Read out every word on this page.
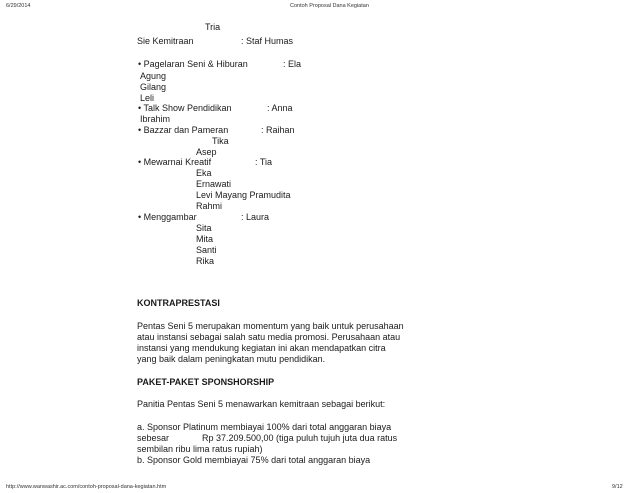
6/29/2014	Contoh Proposal Dana Kegiatan
Tria
Sie Kemitraan	: Staf Humas
• Pagelaran Seni & Hiburan	: Ela
Agung
Gilang
Leli
• Talk Show Pendidikan	: Anna
Ibrahim
• Bazzar dan Pameran	: Raihan
Tika
Asep
• Mewarnai Kreatif	: Tia
Eka
Ernawati
Levi Mayang Pramudita
Rahmi
• Menggambar	: Laura
Sita
Mita
Santi
Rika
KONTRAPRESTASI
Pentas Seni 5 merupakan momentum yang baik untuk perusahaan
atau instansi sebagai salah satu media promosi. Perusahaan atau
instansi yang mendukung kegiatan ini akan mendapatkan citra
yang baik dalam peningkatan mutu pendidikan.
PAKET-PAKET SPONSHORSHIP
Panitia Pentas Seni 5 menawarkan kemitraan sebagai berikut:
a. Sponsor Platinum membiayai 100% dari total anggaran biaya
sebesar	Rp 37.209.500,00 (tiga puluh tujuh juta dua ratus
sembilan ribu lima ratus rupiah)
b. Sponsor Gold membiayai 75% dari total anggaran biaya
http://www.wanwashir.ac.com/contoh-proposal-dana-kegiatan.htm	9/12
